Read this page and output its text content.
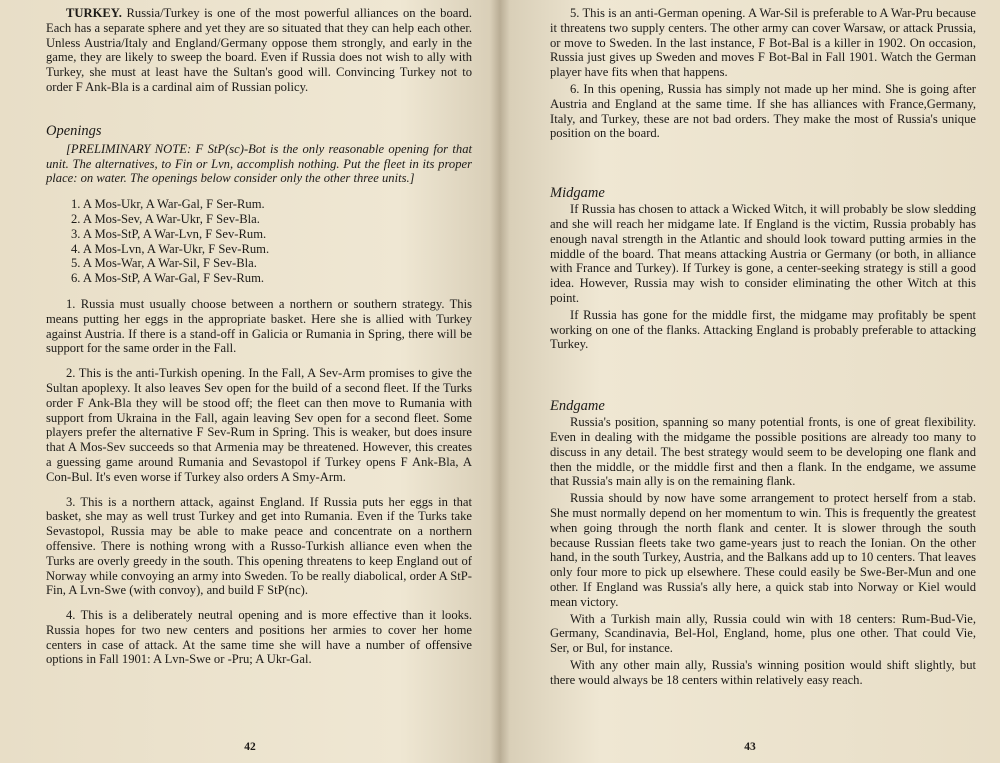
TURKEY. Russia/Turkey is one of the most powerful alliances on the board. Each has a separate sphere and yet they are so situated that they can help each other. Unless Austria/Italy and England/Germany oppose them strongly, and early in the game, they are likely to sweep the board. Even if Russia does not wish to ally with Turkey, she must at least have the Sultan's good will. Convincing Turkey not to order F Ank-Bla is a cardinal aim of Russian policy.

Openings

[PRELIMINARY NOTE: F StP(sc)-Bot is the only reasonable opening for that unit. The alternatives, to Fin or Lvn, accomplish nothing. Put the fleet in its proper place: on water. The openings below consider only the other three units.]

1. A Mos-Ukr, A War-Gal, F Ser-Rum.
2. A Mos-Sev, A War-Ukr, F Sev-Bla.
3. A Mos-StP, A War-Lvn, F Sev-Rum.
4. A Mos-Lvn, A War-Ukr, F Sev-Rum.
5. A Mos-War, A War-Sil, F Sev-Bla.
6. A Mos-StP, A War-Gal, F Sev-Rum.

1. Russia must usually choose between a northern or southern strategy. This means putting her eggs in the appropriate basket. Here she is allied with Turkey against Austria. If there is a stand-off in Galicia or Rumania in Spring, there will be support for the same order in the Fall.

2. This is the anti-Turkish opening. In the Fall, A Sev-Arm promises to give the Sultan apoplexy. It also leaves Sev open for the build of a second fleet. If the Turks order F Ank-Bla they will be stood off; the fleet can then move to Rumania with support from Ukraina in the Fall, again leaving Sev open for a second fleet. Some players prefer the alternative F Sev-Rum in Spring. This is weaker, but does insure that A Mos-Sev succeeds so that Armenia may be threatened. However, this creates a guessing game around Rumania and Sevastopol if Turkey opens F Ank-Bla, A Con-Bul. It's even worse if Turkey also orders A Smy-Arm.

3. This is a northern attack, against England. If Russia puts her eggs in that basket, she may as well trust Turkey and get into Rumania. Even if the Turks take Sevastopol, Russia may be able to make peace and concentrate on a northern offensive. There is nothing wrong with a Russo-Turkish alliance even when the Turks are overly greedy in the south. This opening threatens to keep England out of Norway while convoying an army into Sweden. To be really diabolical, order A StP-Fin, A Lvn-Swe (with convoy), and build F StP(nc).

4. This is a deliberately neutral opening and is more effective than it looks. Russia hopes for two new centers and positions her armies to cover her home centers in case of attack. At the same time she will have a number of offensive options in Fall 1901: A Lvn-Swe or -Pru; A Ukr-Gal.

42

5. This is an anti-German opening. A War-Sil is preferable to A War-Pru because it threatens two supply centers. The other army can cover Warsaw, or attack Prussia, or move to Sweden. In the last instance, F Bot-Bal is a killer in 1902. On occasion, Russia just gives up Sweden and moves F Bot-Bal in Fall 1901. Watch the German player have fits when that happens.

6. In this opening, Russia has simply not made up her mind. She is going after Austria and England at the same time. If she has alliances with France,Germany, Italy, and Turkey, these are not bad orders. They make the most of Russia's unique position on the board.

Midgame

If Russia has chosen to attack a Wicked Witch, it will probably be slow sledding and she will reach her midgame late. If England is the victim, Russia probably has enough naval strength in the Atlantic and should look toward putting armies in the middle of the board. That means attacking Austria or Germany (or both, in alliance with France and Turkey). If Turkey is gone, a center-seeking strategy is still a good idea. However, Russia may wish to consider eliminating the other Witch at this point.

If Russia has gone for the middle first, the midgame may profitably be spent working on one of the flanks. Attacking England is probably preferable to attacking Turkey.

Endgame

Russia's position, spanning so many potential fronts, is one of great flexibility. Even in dealing with the midgame the possible positions are already too many to discuss in any detail. The best strategy would seem to be developing one flank and then the middle, or the middle first and then a flank. In the endgame, we assume that Russia's main ally is on the remaining flank.

Russia should by now have some arrangement to protect herself from a stab. She must normally depend on her momentum to win. This is frequently the greatest when going through the north flank and center. It is slower through the south because Russian fleets take two game-years just to reach the Ionian. On the other hand, in the south Turkey, Austria, and the Balkans add up to 10 centers. That leaves only four more to pick up elsewhere. These could easily be Swe-Ber-Mun and one other. If England was Russia's ally here, a quick stab into Norway or Kiel would mean victory.

With a Turkish main ally, Russia could win with 18 centers: Rum-Bud-Vie, Germany, Scandinavia, Bel-Hol, England, home, plus one other. That could Vie, Ser, or Bul, for instance.

With any other main ally, Russia's winning position would shift slightly, but there would always be 18 centers within relatively easy reach.

43
